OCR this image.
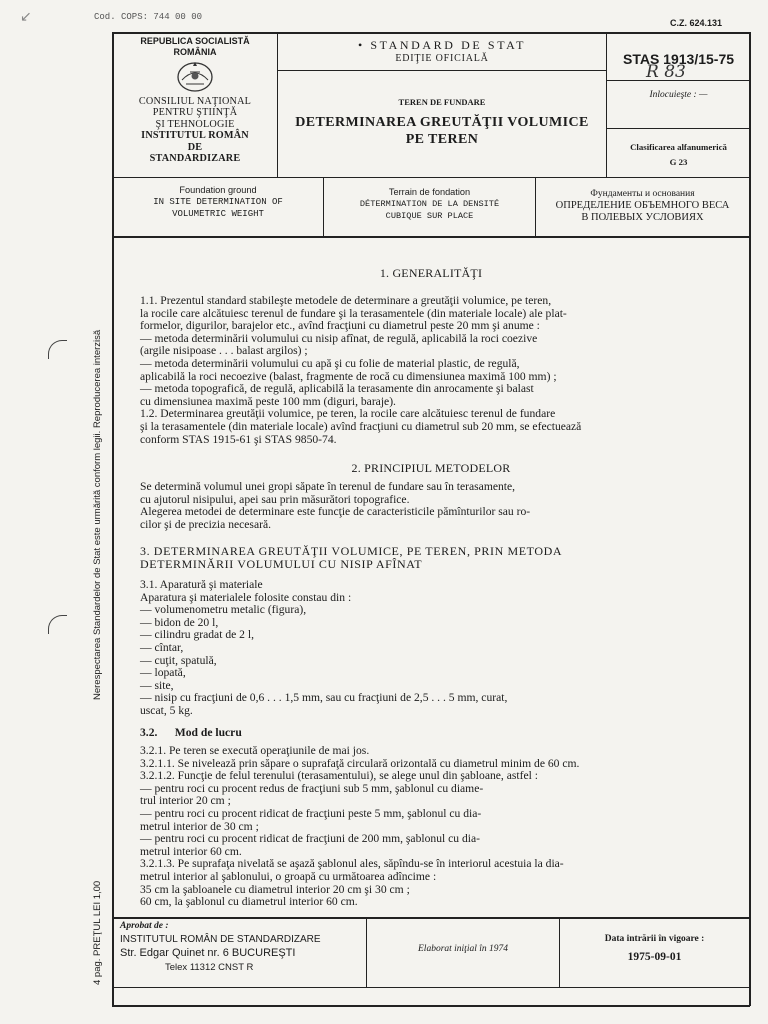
Cod. COPS: 744 00 00
C.Z. 624.131
Nerespectarea Standardelor de Stat este urmărită conform legii. Reproducerea interzisă
4 pag. PREŢUL LEI 1,00
↙
REPUBLICA SOCIALISTĂ
ROMÂNIA
CONSILIUL NAŢIONAL
PENTRU ŞTIINŢĂ
ŞI TEHNOLOGIE
INSTITUTUL ROMÂN
DE
STANDARDIZARE
• STANDARD DE STAT
EDIŢIE OFICIALĂ
TEREN DE FUNDARE
DETERMINAREA GREUTĂŢII VOLUMICE
PE TEREN
STAS 1913/15-75
R 83
Inlocuieşte : —
Clasificarea alfanumerică
G 23
Foundation ground
IN SITE DETERMINATION OF
VOLUMETRIC WEIGHT
Terrain de fondation
DÉTERMINATION DE LA DENSITÉ
CUBIQUE SUR PLACE
Фундаменты и основания
ОПРЕДЕЛЕНИЕ ОБЪЕМНОГО ВЕСА
В ПОЛЕВЫХ УСЛОВИЯХ
1. GENERALITĂŢI
1.1. Prezentul standard stabileşte metodele de determinare a greutăţii volumice, pe teren,
la rocile care alcătuiesc terenul de fundare şi la terasamentele (din materiale locale) ale plat-
formelor, digurilor, barajelor etc., avînd fracţiuni cu diametrul peste 20 mm şi anume :
— metoda determinării volumului cu nisip afînat, de regulă, aplicabilă la roci coezive
(argile nisipoase . . . balast argilos) ;
— metoda determinării volumului cu apă şi cu folie de material plastic, de regulă,
aplicabilă la roci necoezive (balast, fragmente de rocă cu dimensiunea maximă 100 mm) ;
— metoda topografică, de regulă, aplicabilă la terasamente din anrocamente şi balast
cu dimensiunea maximă peste 100 mm (diguri, baraje).
1.2. Determinarea greutăţii volumice, pe teren, la rocile care alcătuiesc terenul de fundare
şi la terasamentele (din materiale locale) avînd fracţiuni cu diametrul sub 20 mm, se efectuează
conform STAS 1915-61 şi STAS 9850-74.
2. PRINCIPIUL METODELOR
Se determină volumul unei gropi săpate în terenul de fundare sau în terasamente,
cu ajutorul nisipului, apei sau prin măsurători topografice.
Alegerea metodei de determinare este funcţie de caracteristicile pămînturilor sau ro-
cilor şi de precizia necesară.
3. DETERMINAREA GREUTĂŢII VOLUMICE, PE TEREN, PRIN METODA
DETERMINĂRII VOLUMULUI CU NISIP AFÎNAT
3.1. Aparatură şi materiale
Aparatura şi materialele folosite constau din :
— volumenometru metalic (figura),
— bidon de 20 l,
— cilindru gradat de 2 l,
— cîntar,
— cuţit, spatulă,
— lopată,
— site,
— nisip cu fracţiuni de 0,6 . . . 1,5 mm, sau cu fracţiuni de 2,5 . . . 5 mm, curat,
uscat, 5 kg.
3.2.      Mod de lucru
3.2.1. Pe teren se execută operaţiunile de mai jos.
3.2.1.1. Se nivelează prin săpare o suprafaţă circulară orizontală cu diametrul minim de 60 cm.
3.2.1.2. Funcţie de felul terenului (terasamentului), se alege unul din şabloane, astfel :
— pentru roci cu procent redus de fracţiuni sub 5 mm, şablonul cu diame-
trul interior 20 cm ;
— pentru roci cu procent ridicat de fracţiuni peste 5 mm, şablonul cu dia-
metrul interior de 30 cm ;
— pentru roci cu procent ridicat de fracţiuni de 200 mm, şablonul cu dia-
metrul interior 60 cm.
3.2.1.3. Pe suprafaţa nivelată se aşază şablonul ales, săpîndu-se în interiorul acestuia la dia-
metrul interior al şablonului, o groapă cu următoarea adîncime :
35 cm la şabloanele cu diametrul interior 20 cm şi 30 cm ;
60 cm, la şablonul cu diametrul interior 60 cm.
Aprobat de :
INSTITUTUL ROMÂN DE STANDARDIZARE
Str. Edgar Quinet nr. 6 BUCUREŞTI
Telex 11312 CNST R
Elaborat iniţial în 1974
Data intrării în vigoare :
1975-09-01
